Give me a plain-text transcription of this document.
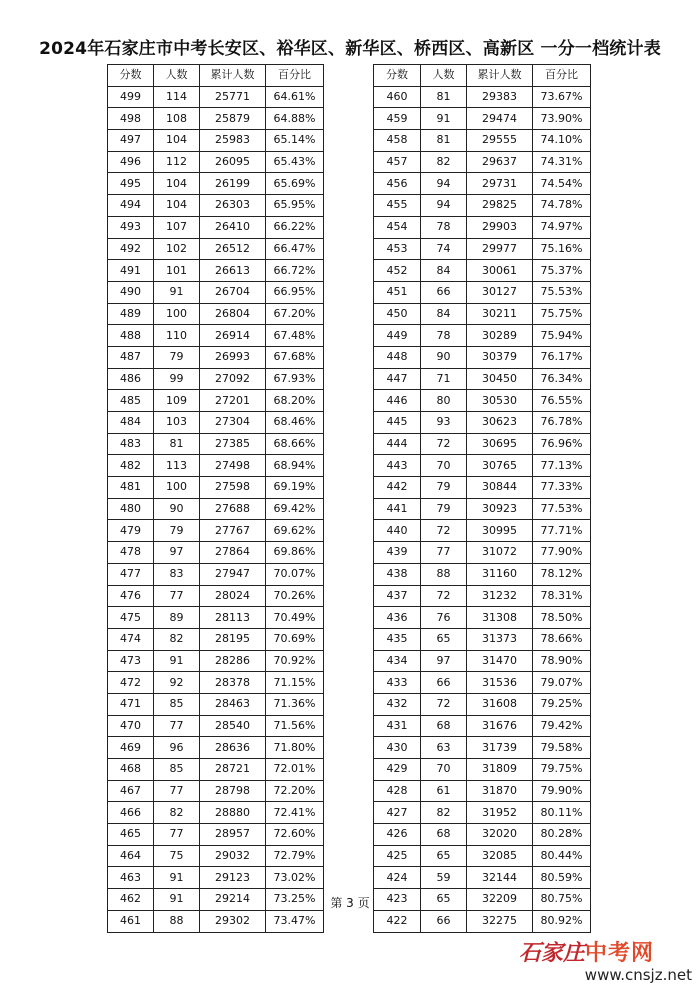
2024年石家庄市中考长安区、裕华区、新华区、桥西区、高新区 一分一档统计表
分数	人数	累计人数	百分比
499	114	25771	64.61%
498	108	25879	64.88%
497	104	25983	65.14%
496	112	26095	65.43%
495	104	26199	65.69%
494	104	26303	65.95%
493	107	26410	66.22%
492	102	26512	66.47%
491	101	26613	66.72%
490	91	26704	66.95%
489	100	26804	67.20%
488	110	26914	67.48%
487	79	26993	67.68%
486	99	27092	67.93%
485	109	27201	68.20%
484	103	27304	68.46%
483	81	27385	68.66%
482	113	27498	68.94%
481	100	27598	69.19%
480	90	27688	69.42%
479	79	27767	69.62%
478	97	27864	69.86%
477	83	27947	70.07%
476	77	28024	70.26%
475	89	28113	70.49%
474	82	28195	70.69%
473	91	28286	70.92%
472	92	28378	71.15%
471	85	28463	71.36%
470	77	28540	71.56%
469	96	28636	71.80%
468	85	28721	72.01%
467	77	28798	72.20%
466	82	28880	72.41%
465	77	28957	72.60%
464	75	29032	72.79%
463	91	29123	73.02%
462	91	29214	73.25%
461	88	29302	73.47%
分数	人数	累计人数	百分比
460	81	29383	73.67%
459	91	29474	73.90%
458	81	29555	74.10%
457	82	29637	74.31%
456	94	29731	74.54%
455	94	29825	74.78%
454	78	29903	74.97%
453	74	29977	75.16%
452	84	30061	75.37%
451	66	30127	75.53%
450	84	30211	75.75%
449	78	30289	75.94%
448	90	30379	76.17%
447	71	30450	76.34%
446	80	30530	76.55%
445	93	30623	76.78%
444	72	30695	76.96%
443	70	30765	77.13%
442	79	30844	77.33%
441	79	30923	77.53%
440	72	30995	77.71%
439	77	31072	77.90%
438	88	31160	78.12%
437	72	31232	78.31%
436	76	31308	78.50%
435	65	31373	78.66%
434	97	31470	78.90%
433	66	31536	79.07%
432	72	31608	79.25%
431	68	31676	79.42%
430	63	31739	79.58%
429	70	31809	79.75%
428	61	31870	79.90%
427	82	31952	80.11%
426	68	32020	80.28%
425	65	32085	80.44%
424	59	32144	80.59%
423	65	32209	80.75%
422	66	32275	80.92%
第 3 页
石家庄中考网
www.cnsjz.net
